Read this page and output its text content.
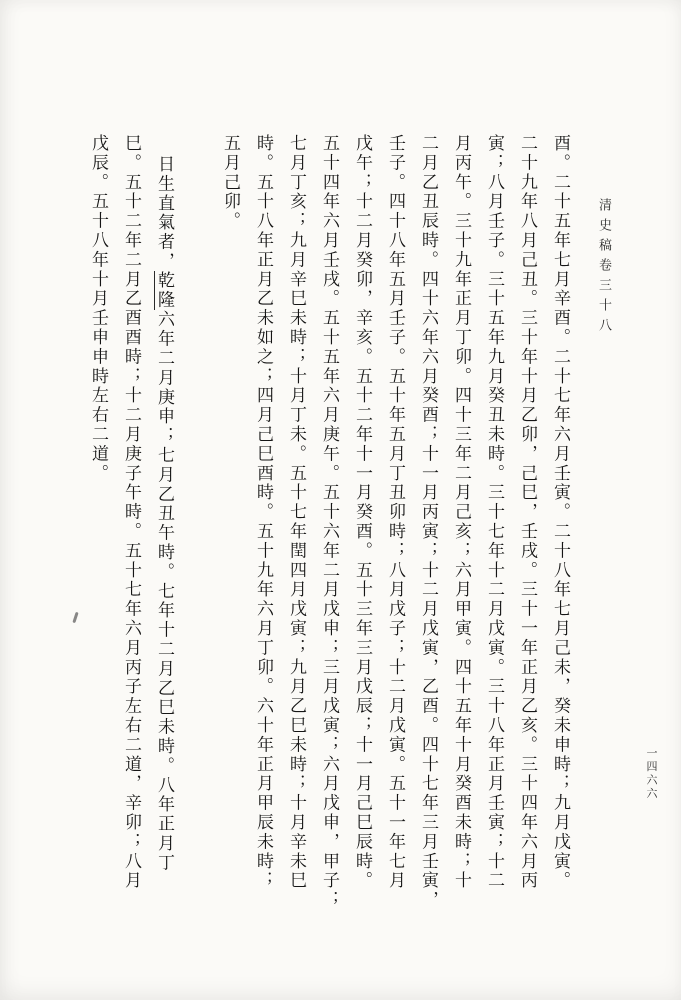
清史稿卷三十八
一四六六
酉。二十五年七月辛酉。二十七年六月壬寅。二十八年七月己未，癸未申時；九月戊寅。
二十九年八月己丑。三十年十月乙卯，己巳，壬戌。三十一年正月乙亥。三十四年六月丙
寅；八月壬子。三十五年九月癸丑未時。三十七年十二月戊寅。三十八年正月壬寅；十二
月丙午。三十九年正月丁卯。四十三年二月己亥；六月甲寅。四十五年十月癸酉未時；十
二月乙丑辰時。四十六年六月癸酉；十一月丙寅；十二月戊寅，乙酉。四十七年三月壬寅，
壬子。四十八年五月壬子。五十年五月丁丑卯時；八月戊子；十二月戊寅。五十一年七月
戊午；十二月癸卯，辛亥。五十二年十一月癸酉。五十三年三月戊辰；十一月己巳辰時。
五十四年六月壬戌。五十五年六月庚午。五十六年二月戊申；三月戊寅；六月戊申，甲子；
七月丁亥；九月辛巳未時；十月丁未。五十七年閏四月戊寅；九月乙巳未時；十月辛未巳
時。五十八年正月乙未如之；四月己巳酉時。五十九年六月丁卯。六十年正月甲辰未時；
五月己卯。
日生直氣者，乾隆六年二月庚申；七月乙丑午時。七年十二月乙巳未時。八年正月丁
巳。五十二年二月乙酉酉時；十二月庚子午時。五十七年六月丙子左右二道，辛卯；八月
戊辰。五十八年十月壬申申時左右二道。
